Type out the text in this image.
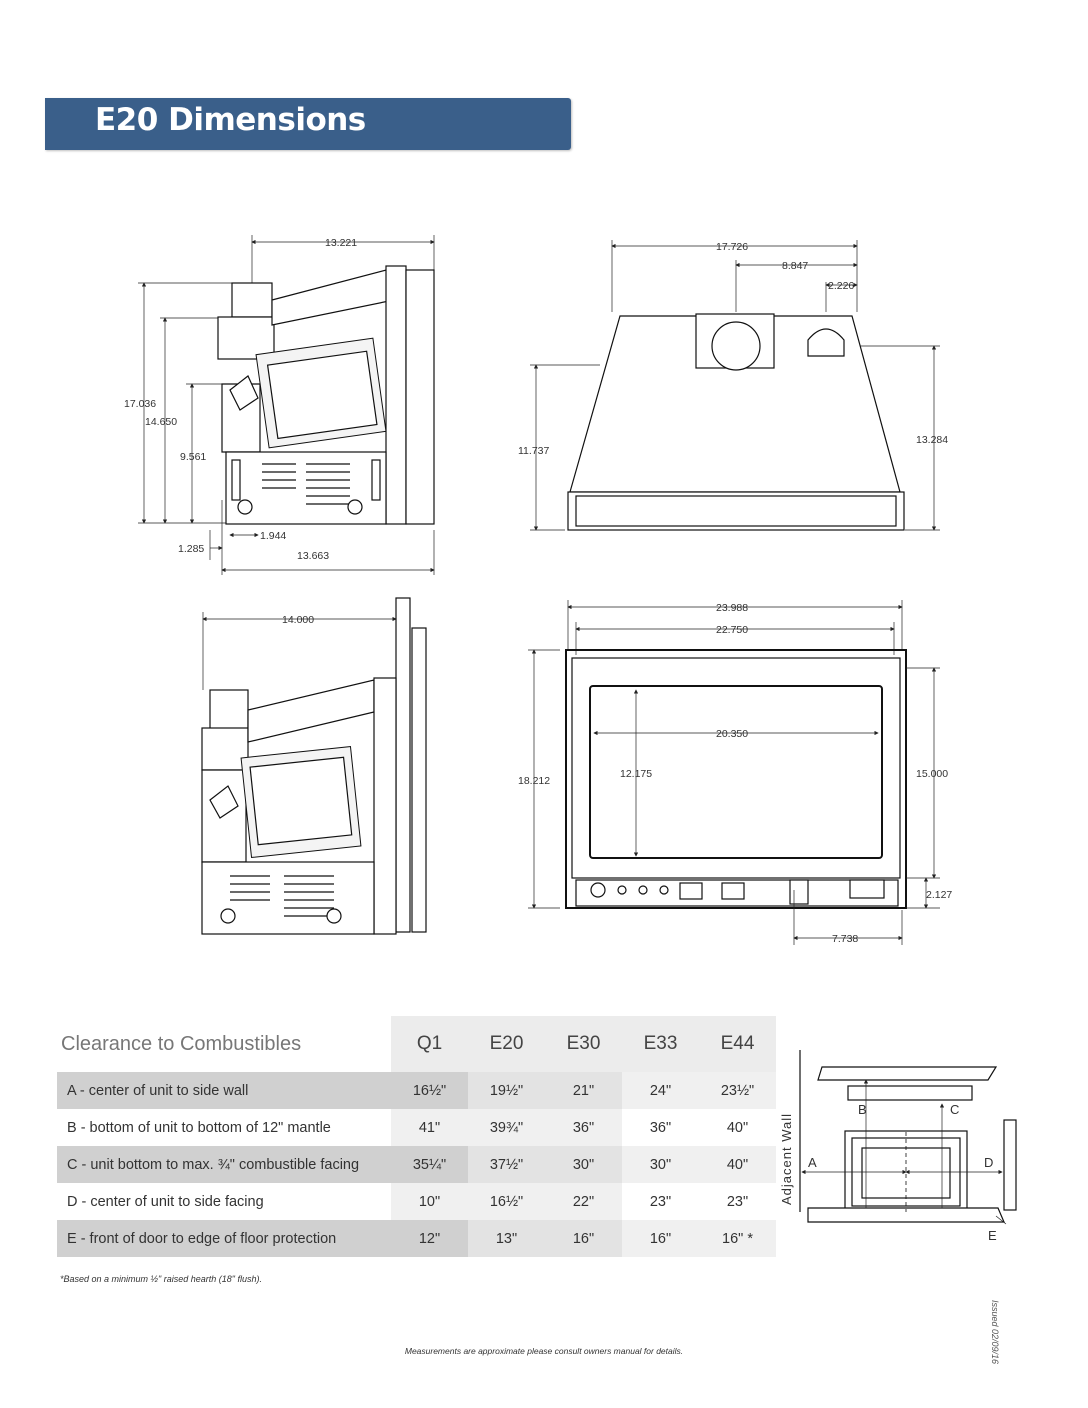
E20 Dimensions
13.221
17.036
14.650
9.561
1.285
1.944
13.663
17.726
8.847
2.226
11.737
13.284
14.000
23.988
22.750
12.175
20.350
18.212
15.000
2.127
7.738
B	C
A	D
E
Adjacent Wall
Clearance to Combustibles	Q1	E20	E30	E33	E44
A - center of unit to side wall	16½"	19½"	21"	24"	23½"
B - bottom of unit to bottom of 12" mantle	41"	39¾"	36"	36"	40"
C - unit bottom to max. ¾" combustible facing	35¼"	37½"	30"	30"	40"
D - center of unit to side facing	10"	16½"	22"	23"	23"
E - front of door to edge of floor protection	12"	13"	16"	16"	16" *
*Based on a minimum ½" raised hearth (18" flush).
Issued 02/09/16
Measurements are approximate please consult owners manual for details.
